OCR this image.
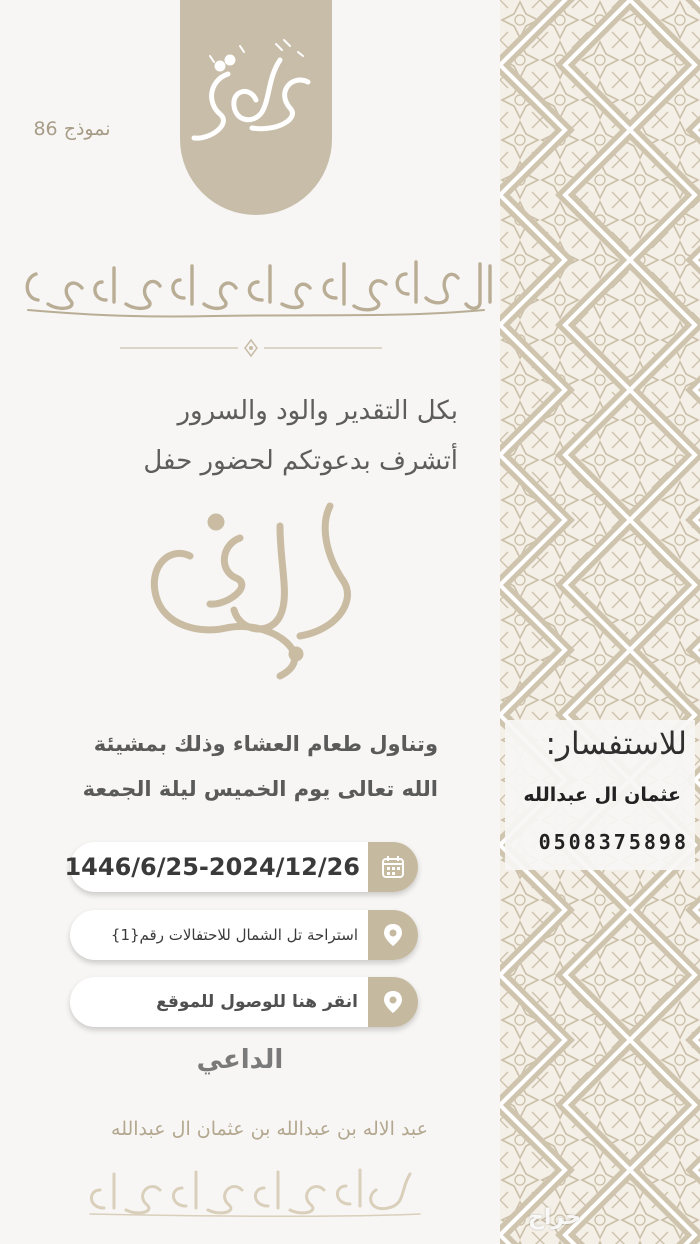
دعوة
نموذج 86
اللهم بارك لهما وبارك عليهما واجمع بينهما في خير
بكل التقدير والود والسرور
أتشرف بدعوتكم لحضور حفل
زواجي
وتناول طعام العشاء وذلك بمشيئة
الله تعالى يوم الخميس ليلة الجمعة
1446/6/25-2024/12/26
استراحة تل الشمال للاحتفالات رقم{1}
انقر هنا للوصول للموقع
الداعي
عبد الاله بن عبدالله بن عثمان ال عبدالله
وبحضوركم يتم لنا الفرح والسرور
للاستفسار:
عثمان ال عبدالله
0508375898
حراج
